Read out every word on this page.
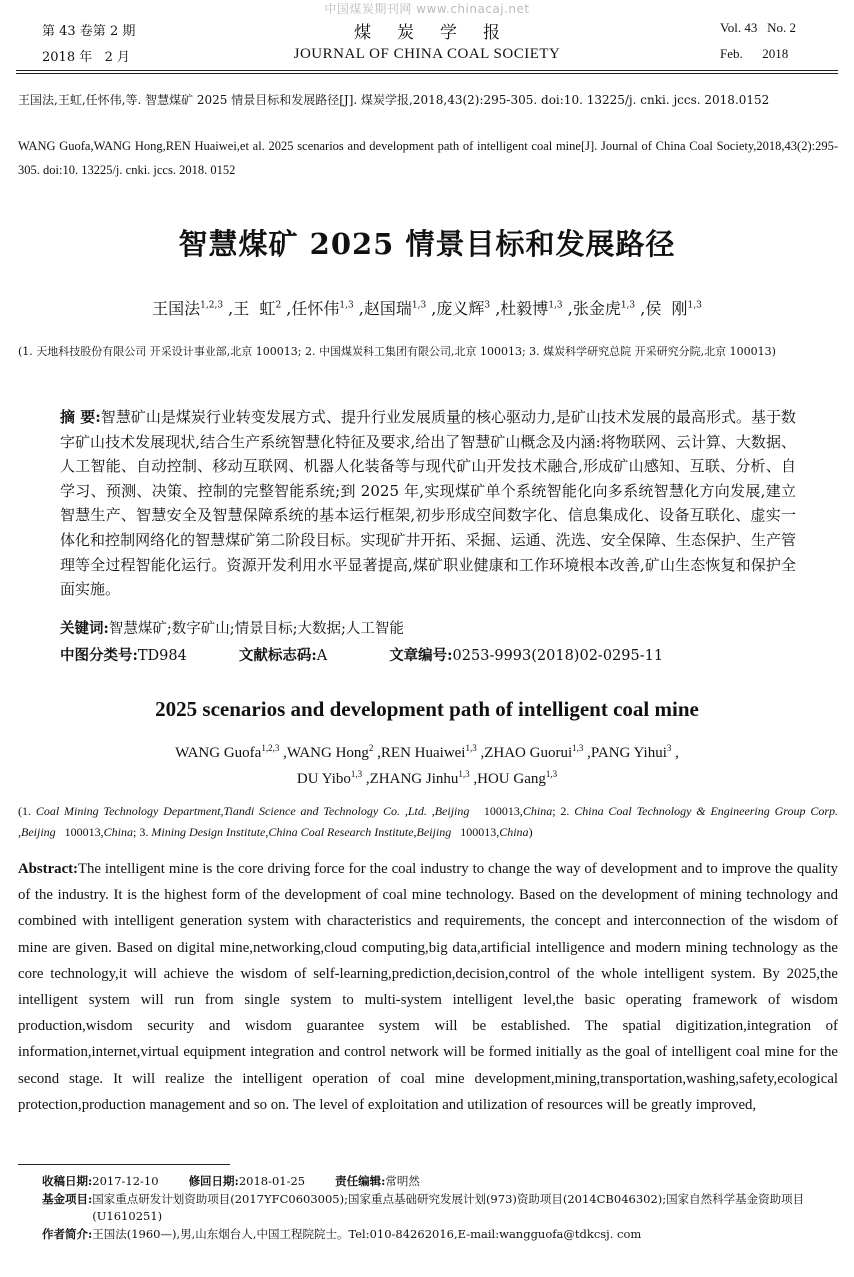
中国煤炭期刊网 www.chinacaj.net
第 43 卷第 2 期
2018 年   2 月
煤炭学报
JOURNAL OF CHINA COAL SOCIETY
Vol. 43   No. 2
Feb.      2018
王国法,王虹,任怀伟,等. 智慧煤矿 2025 情景目标和发展路径[J]. 煤炭学报,2018,43(2):295-305. doi:10. 13225/j. cnki. jccs. 2018.0152
WANG Guofa,WANG Hong,REN Huaiwei,et al. 2025 scenarios and development path of intelligent coal mine[J]. Journal of China Coal Society,2018,43(2):295-305. doi:10. 13225/j. cnki. jccs. 2018. 0152
智慧煤矿 2025 情景目标和发展路径
王国法$^{1,2,3}$ ,王  虹$^2$ ,任怀伟$^{1,3}$ ,赵国瑞$^{1,3}$ ,庞义辉$^3$ ,杜毅博$^{1,3}$ ,张金虎$^{1,3}$ ,侯  刚$^{1,3}$
(1. 天地科技股份有限公司 开采设计事业部,北京 100013; 2. 中国煤炭科工集团有限公司,北京 100013; 3. 煤炭科学研究总院 开采研究分院,北京 100013)
摘 要:智慧矿山是煤炭行业转变发展方式、提升行业发展质量的核心驱动力,是矿山技术发展的最高形式。基于数字矿山技术发展现状,结合生产系统智慧化特征及要求,给出了智慧矿山概念及内涵:将物联网、云计算、大数据、人工智能、自动控制、移动互联网、机器人化装备等与现代矿山开发技术融合,形成矿山感知、互联、分析、自学习、预测、决策、控制的完整智能系统;到 2025 年,实现煤矿单个系统智能化向多系统智慧化方向发展,建立智慧生产、智慧安全及智慧保障系统的基本运行框架,初步形成空间数字化、信息集成化、设备互联化、虚实一体化和控制网络化的智慧煤矿第二阶段目标。实现矿井开拓、采掘、运通、洗选、安全保障、生态保护、生产管理等全过程智能化运行。资源开发利用水平显著提高,煤矿职业健康和工作环境根本改善,矿山生态恢复和保护全面实施。
关键词:智慧煤矿;数字矿山;情景目标;大数据;人工智能
中图分类号:TD984	文献标志码:A	文章编号:0253-9993(2018)02-0295-11
2025 scenarios and development path of intelligent coal mine
WANG Guofa$^{1,2,3}$ ,WANG Hong$^2$ ,REN Huaiwei$^{1,3}$ ,ZHAO Guorui$^{1,3}$ ,PANG Yihui$^3$ ,
DU Yibo$^{1,3}$ ,ZHANG Jinhu$^{1,3}$ ,HOU Gang$^{1,3}$
(1. Coal Mining Technology Department,Tiandi Science and Technology Co. ,Ltd. ,Beijing   100013,China; 2. China Coal Technology & Engineering Group Corp. ,Beijing   100013,China; 3. Mining Design Institute,China Coal Research Institute,Beijing   100013,China)
Abstract:The intelligent mine is the core driving force for the coal industry to change the way of development and to improve the quality of the industry. It is the highest form of the development of coal mine technology. Based on the development of mining technology and combined with intelligent generation system with characteristics and requirements, the concept and interconnection of the wisdom of mine are given. Based on digital mine,networking,cloud computing,big data,artificial intelligence and modern mining technology as the core technology,it will achieve the wisdom of self-learning,prediction,decision,control of the whole intelligent system. By 2025,the intelligent system will run from single system to multi-system intelligent level,the basic operating framework of wisdom production,wisdom security and wisdom guarantee system will be established. The spatial digitization,integration of information,internet,virtual equipment integration and control network will be formed initially as the goal of intelligent coal mine for the second stage. It will realize the intelligent operation of coal mine development,mining,transportation,washing,safety,ecological protection,production management and so on. The level of exploitation and utilization of resources will be greatly improved,
收稿日期:2017-12-10	修回日期:2018-01-25	责任编辑:常明然
基金项目: 国家重点研发计划资助项目(2017YFC0603005);国家重点基础研究发展计划(973)资助项目(2014CB046302);国家自然科学基金资助项目(U1610251)
作者简介: 王国法(1960—),男,山东烟台人,中国工程院院士。Tel:010-84262016,E-mail:wangguofa@tdkcsj. com
